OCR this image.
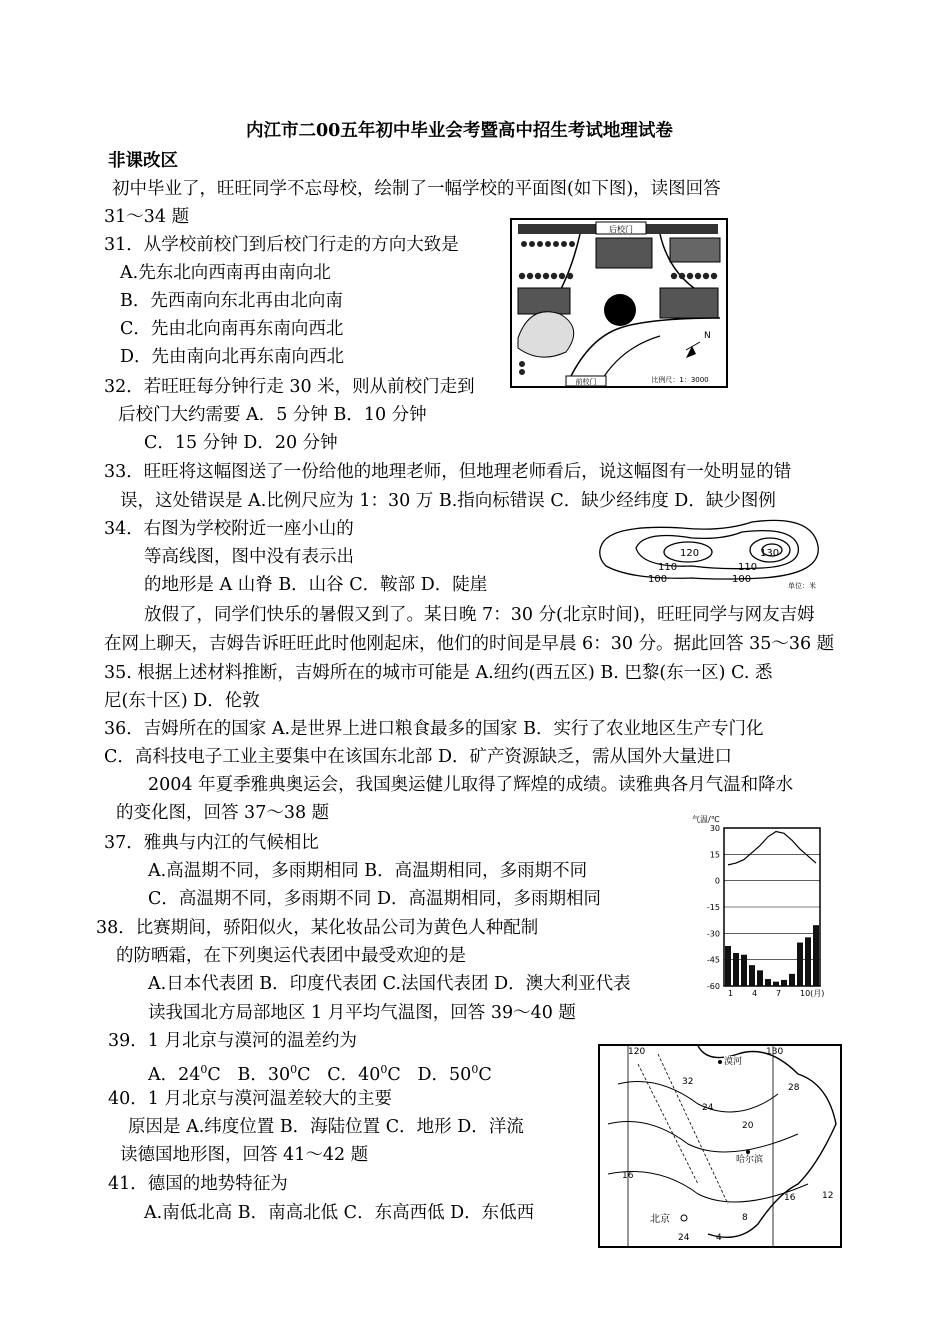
内江市二00五年初中毕业会考暨高中招生考试地理试卷
非课改区
初中毕业了，旺旺同学不忘母校，绘制了一幅学校的平面图(如下图)，读图回答
31～34 题
31．从学校前校门到后校门行走的方向大致是
A.先东北向西南再由南向北
B．先西南向东北再由北向南
C．先由北向南再东南向西北
D．先由南向北再东南向西北
32．若旺旺每分钟行走 30 米，则从前校门走到
后校门大约需要 A．5 分钟 B．10 分钟
C．15 分钟 D．20 分钟
33．旺旺将这幅图送了一份给他的地理老师，但地理老师看后，说这幅图有一处明显的错
误，这处错误是 A.比例尺应为 1：30 万 B.指向标错误 C．缺少经纬度 D．缺少图例
34．右图为学校附近一座小山的
等高线图，图中没有表示出
的地形是 A 山脊 B．山谷 C．鞍部 D．陡崖
放假了，同学们快乐的暑假又到了。某日晚 7：30 分(北京时间)，旺旺同学与网友吉姆
在网上聊天，吉姆告诉旺旺此时他刚起床，他们的时间是早晨 6：30 分。据此回答 35～36 题
35. 根据上述材料推断，吉姆所在的城市可能是 A.纽约(西五区) B. 巴黎(东一区) C. 悉
尼(东十区) D．伦敦
36．吉姆所在的国家 A.是世界上进口粮食最多的国家 B．实行了农业地区生产专门化
C．高科技电子工业主要集中在该国东北部 D．矿产资源缺乏，需从国外大量进口
2004 年夏季雅典奥运会，我国奥运健儿取得了辉煌的成绩。读雅典各月气温和降水
的变化图，回答 37～38 题
37．雅典与内江的气候相比
A.高温期不同，多雨期相同 B．高温期相同，多雨期不同
C．高温期不同，多雨期不同 D．高温期相同，多雨期相同
38．比赛期间，骄阳似火，某化妆品公司为黄色人种配制
的防晒霜，在下列奥运代表团中最受欢迎的是
A.日本代表团 B．印度代表团 C.法国代表团 D．澳大利亚代表
读我国北方局部地区 1 月平均气温图，回答 39～40 题
39．1 月北京与漠河的温差约为
A．$24^0C$ B．$30^0C$ C．$40^0C$ D．$50^0C$
40．1 月北京与漠河温差较大的主要
原因是 A.纬度位置 B．海陆位置 C．地形 D．洋流
读德国地形图，回答 41～42 题
41．德国的地势特征为
A.南低北高 B．南高北低 C．东高西低 D．东低西
后校门
N
前校门	比例尺：1：3000
120	130
110	110
100	100
单位：米
气温/℃
30
15
0
-15
-30
-45
-60
1 4 7 10(月)
120	130
漠河
32
28
24
20
哈尔滨
16
16	12
北京	8
4
24
